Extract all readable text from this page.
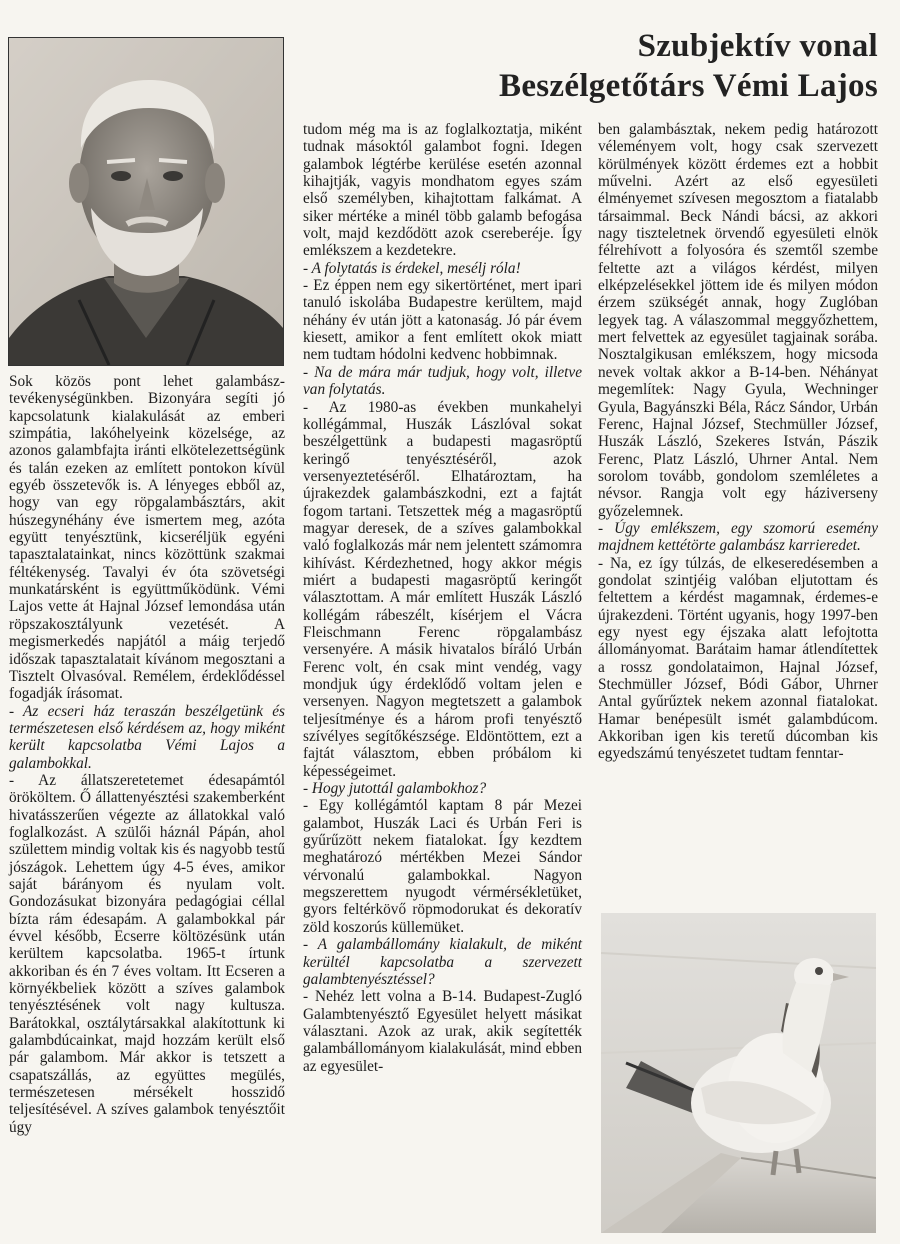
Szubjektív vonal
Beszélgetőtárs Vémi Lajos

Sok közös pont lehet galambász-tevékenységünkben. Bizonyára segíti jó kapcsolatunk kialakulását az emberi szimpátia, lakóhelyeink közelsége, az azonos galambfajta iránti elkötelezettségünk és talán ezeken az említett pontokon kívül egyéb összetevők is. A lényeges ebből az, hogy van egy röpgalambásztárs, akit húszegynéhány éve ismertem meg, azóta együtt tenyésztünk, kicseréljük egyéni tapasztalatainkat, nincs közöttünk szakmai féltékenység. Tavalyi év óta szövetségi munkatársként is együttműködünk. Vémi Lajos vette át Hajnal József lemondása után röpszakosztályunk vezetését. A megismerkedés napjától a máig terjedő időszak tapasztalatait kívánom megosztani a Tisztelt Olvasóval. Remélem, érdeklődéssel fogadják írásomat.

- Az ecseri ház teraszán beszélgetünk és természetesen első kérdésem az, hogy miként került kapcsolatba Vémi Lajos a galambokkal.

- Az állatszeretetemet édesapámtól örököltem. Ő állattenyésztési szakemberként hivatásszerűen végezte az állatokkal való foglalkozást. A szülői háznál Pápán, ahol születtem mindig voltak kis és nagyobb testű jószágok. Lehettem úgy 4-5 éves, amikor saját bárányom és nyulam volt. Gondozásukat bizonyára pedagógiai céllal bízta rám édesapám. A galambokkal pár évvel később, Ecserre költözésünk után kerültem kapcsolatba. 1965-t írtunk akkoriban és én 7 éves voltam. Itt Ecseren a környékbeliek között a szíves galambok tenyésztésének volt nagy kultusza. Barátokkal, osztálytársakkal alakítottunk ki galambdúcainkat, majd hozzám került első pár galambom. Már akkor is tetszett a csapatszállás, az együttes megülés, természetesen mérsékelt hosszidő teljesítésével. A szíves galambok tenyésztőit úgy

tudom még ma is az foglalkoztatja, miként tudnak másoktól galambot fogni. Idegen galambok légtérbe kerülése esetén azonnal kihajtják, vagyis mondhatom egyes szám első személyben, kihajtottam falkámat. A siker mértéke a minél több galamb befogása volt, majd kezdődött azok csereberéje. Így emlékszem a kezdetekre.

- A folytatás is érdekel, mesélj róla!

- Ez éppen nem egy sikertörténet, mert ipari tanuló iskolába Budapestre kerültem, majd néhány év után jött a katonaság. Jó pár évem kiesett, amikor a fent említett okok miatt nem tudtam hódolni kedvenc hobbimnak.

- Na de mára már tudjuk, hogy volt, illetve van folytatás.

- Az 1980-as években munkahelyi kollégámmal, Huszák Lászlóval sokat beszélgettünk a budapesti magasröptű keringő tenyésztéséről, azok versenyeztetéséről. Elhatároztam, ha újrakezdek galambászkodni, ezt a fajtát fogom tartani. Tetszettek még a magasröptű magyar deresek, de a szíves galambokkal való foglalkozás már nem jelentett számomra kihívást. Kérdezhetned, hogy akkor mégis miért a budapesti magasröptű keringőt választottam. A már említett Huszák László kollégám rábeszélt, kísérjem el Vácra Fleischmann Ferenc röpgalambász versenyére. A másik hivatalos bíráló Urbán Ferenc volt, én csak mint vendég, vagy mondjuk úgy érdeklődő voltam jelen e versenyen. Nagyon megtetszett a galambok teljesítménye és a három profi tenyésztő szívélyes segítőkészsége. Eldöntöttem, ezt a fajtát választom, ebben próbálom ki képességeimet.

- Hogy jutottál galambokhoz?

- Egy kollégámtól kaptam 8 pár Mezei galambot, Huszák Laci és Urbán Feri is gyűrűzött nekem fiatalokat. Így kezdtem meghatározó mértékben Mezei Sándor vérvonalú galambokkal. Nagyon megszerettem nyugodt vérmérsékletüket, gyors feltérkövő röpmodorukat és dekoratív zöld koszorús küllemüket.

- A galambállomány kialakult, de miként kerültél kapcsolatba a szervezett galambtenyésztéssel?

- Nehéz lett volna a B-14. Budapest-Zugló Galambtenyésztő Egyesület helyett másikat választani. Azok az urak, akik segítették galambállományom kialakulását, mind ebben az egyesület-

ben galambásztak, nekem pedig határozott véleményem volt, hogy csak szervezett körülmények között érdemes ezt a hobbit művelni. Azért az első egyesületi élményemet szívesen megosztom a fiatalabb társaimmal. Beck Nándi bácsi, az akkori nagy tiszteletnek örvendő egyesületi elnök félrehívott a folyosóra és szemtől szembe feltette azt a világos kérdést, milyen elképzelésekkel jöttem ide és milyen módon érzem szükségét annak, hogy Zuglóban legyek tag. A válaszommal meggyőzhettem, mert felvettek az egyesület tagjainak sorába. Nosztalgikusan emlékszem, hogy micsoda nevek voltak akkor a B-14-ben. Néhányat megemlítek: Nagy Gyula, Wechninger Gyula, Bagyánszki Béla, Rácz Sándor, Urbán Ferenc, Hajnal József, Stechmüller József, Huszák László, Szekeres István, Pászik Ferenc, Platz László, Uhrner Antal. Nem sorolom tovább, gondolom szemléletes a névsor. Rangja volt egy háziverseny győzelemnek.

- Úgy emlékszem, egy szomorú esemény majdnem kettétörte galambász karrieredet.

- Na, ez így túlzás, de elkeseredésemben a gondolat szintjéig valóban eljutottam és feltettem a kérdést magamnak, érdemes-e újrakezdeni. Történt ugyanis, hogy 1997-ben egy nyest egy éjszaka alatt lefojtotta állományomat. Barátaim hamar átlendítettek a rossz gondolataimon, Hajnal József, Stechmüller József, Bódi Gábor, Uhrner Antal gyűrűztek nekem azonnal fiatalokat. Hamar benépesült ismét galambdúcom. Akkoriban igen kis teretű dúcomban kis egyedszámú tenyészetet tudtam fenntar-
